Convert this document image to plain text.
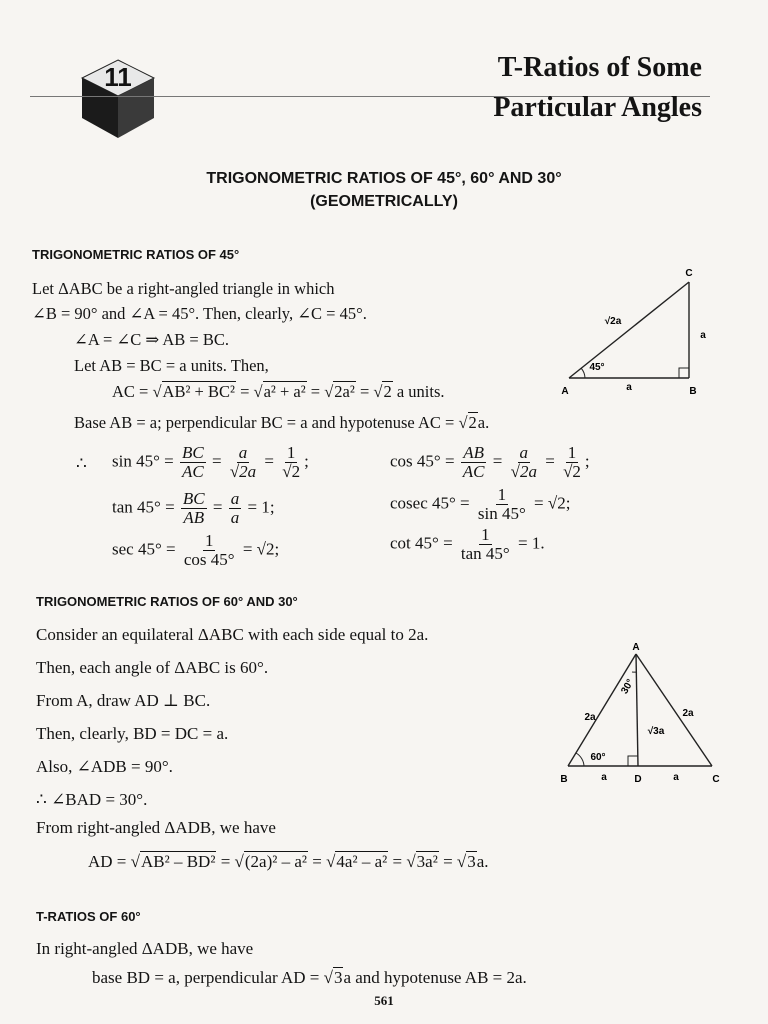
11	T-Ratios of Some
Particular Angles
TRIGONOMETRIC RATIOS OF 45°, 60° AND 30°
(GEOMETRICALLY)
TRIGONOMETRIC RATIOS OF 45°
Let ΔABC be a right-angled triangle in which
∠B = 90° and ∠A = 45°. Then, clearly, ∠C = 45°.
∠A = ∠C ⇒ AB = BC.
Let AB = BC = a units. Then,
AC = √AB² + BC² = √a² + a² = √2a² = √2 a units.
Base AB = a; perpendicular BC = a and hypotenuse AC = √2a.
C
A	B
√2a
a
a
45°
∴ $\sin 45^\circ = \frac{BC}{AC} = \frac{a}{√2a} = \frac{1}{√2}$ ;	$\cos 45^\circ = \frac{AB}{AC} = \frac{a}{√2a} = \frac{1}{√2}$ ;
$\tan 45^\circ = \frac{BC}{AB} = \frac{a}{a} = 1$;	cosec $45^\circ = \frac{1}{\sin 45^\circ} = √2$;
$\sec 45^\circ = \frac{1}{\cos 45^\circ} = √2$;	$\cot 45^\circ = \frac{1}{\tan 45^\circ} = 1$.
TRIGONOMETRIC RATIOS OF 60° AND 30°
Consider an equilateral ΔABC with each side equal to 2a.
Then, each angle of ΔABC is 60°.
From A, draw AD ⊥ BC.
Then, clearly, BD = DC = a.
Also, ∠ADB = 90°.
∴ ∠BAD = 30°.
From right-angled ΔADB, we have
AD = √AB² – BD² = √(2a)² – a² = √4a² – a² = √3a² = √3a.
A
B	D	C
2a	2a
√3a
30°
60°
a	a
T-RATIOS OF 60°
In right-angled ΔADB, we have
base BD = a, perpendicular AD = √3a and hypotenuse AB = 2a.
561
